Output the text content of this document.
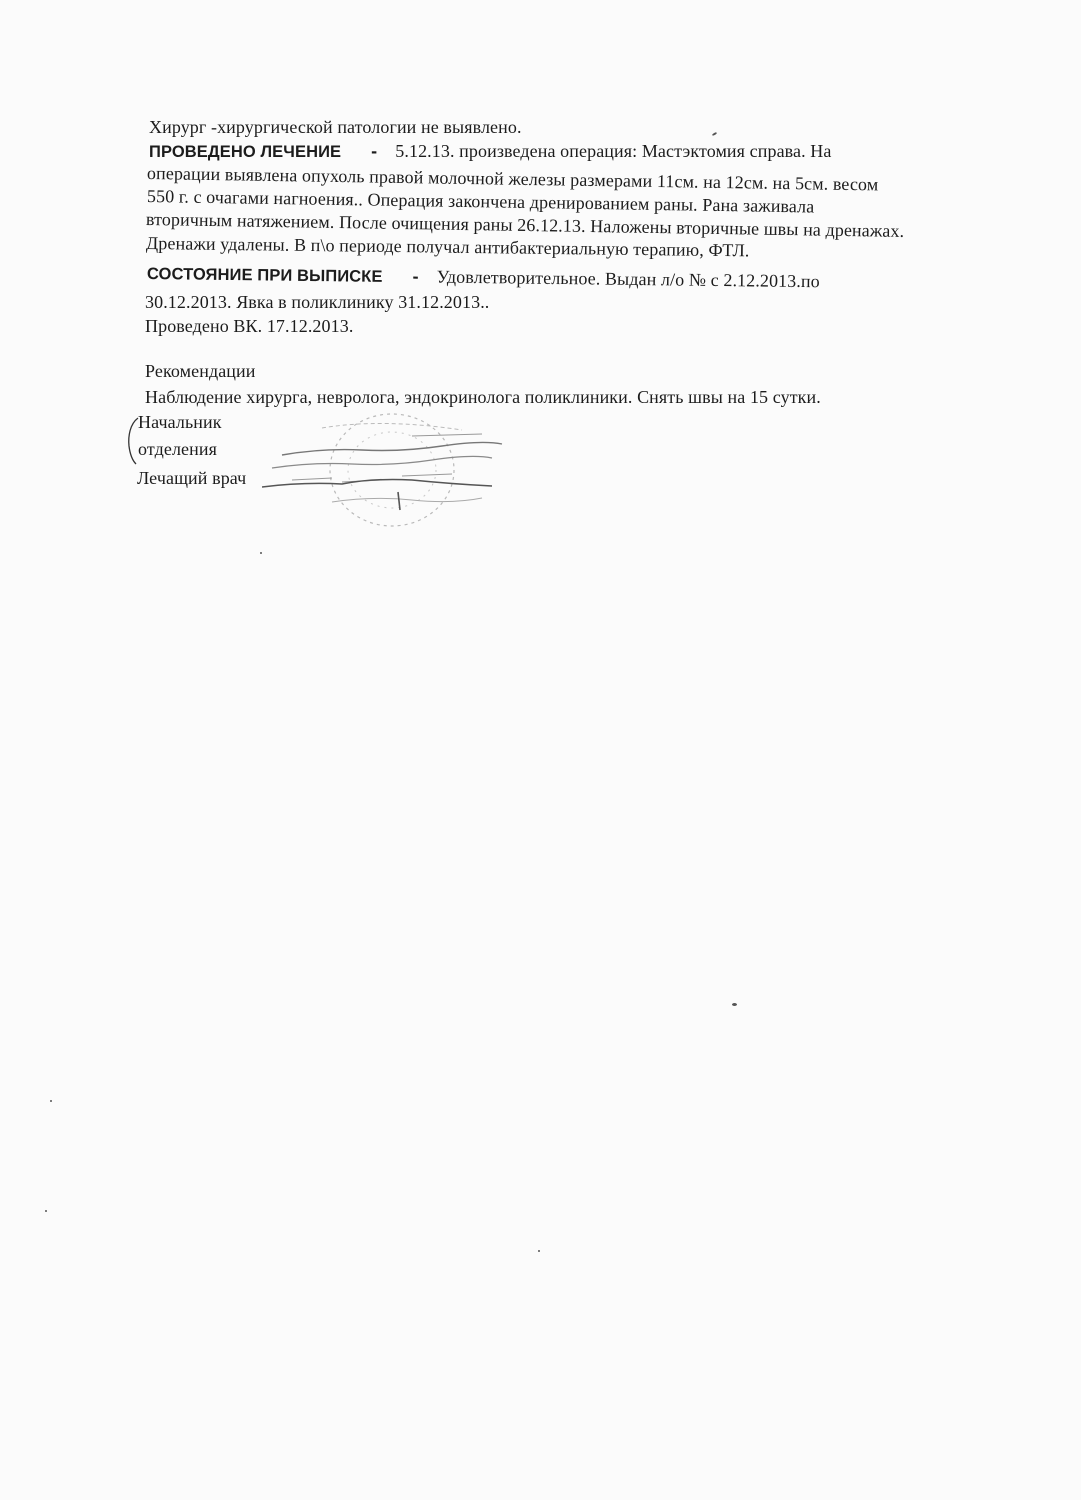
Хирург -хирургической патологии не выявлено.
ПРОВЕДЕНО ЛЕЧЕНИЕ - 5.12.13. произведена операция: Мастэктомия справа. На
операции выявлена опухоль правой молочной железы размерами 11см. на 12см. на 5см. весом
550 г. с очагами нагноения.. Операция закончена дренированием раны. Рана заживала
вторичным натяжением. После очищения раны 26.12.13. Наложены вторичные швы на дренажах.
Дренажи удалены. В п\о периоде получал антибактериальную терапию, ФТЛ.
СОСТОЯНИЕ ПРИ ВЫПИСКЕ - Удовлетворительное. Выдан л/о № с 2.12.2013.по
30.12.2013. Явка в поликлинику 31.12.2013..
Проведено ВК. 17.12.2013.
Рекомендации
Наблюдение хирурга, невролога, эндокринолога поликлиники. Снять швы на 15 сутки.
Начальник
отделения
Лечащий врач
